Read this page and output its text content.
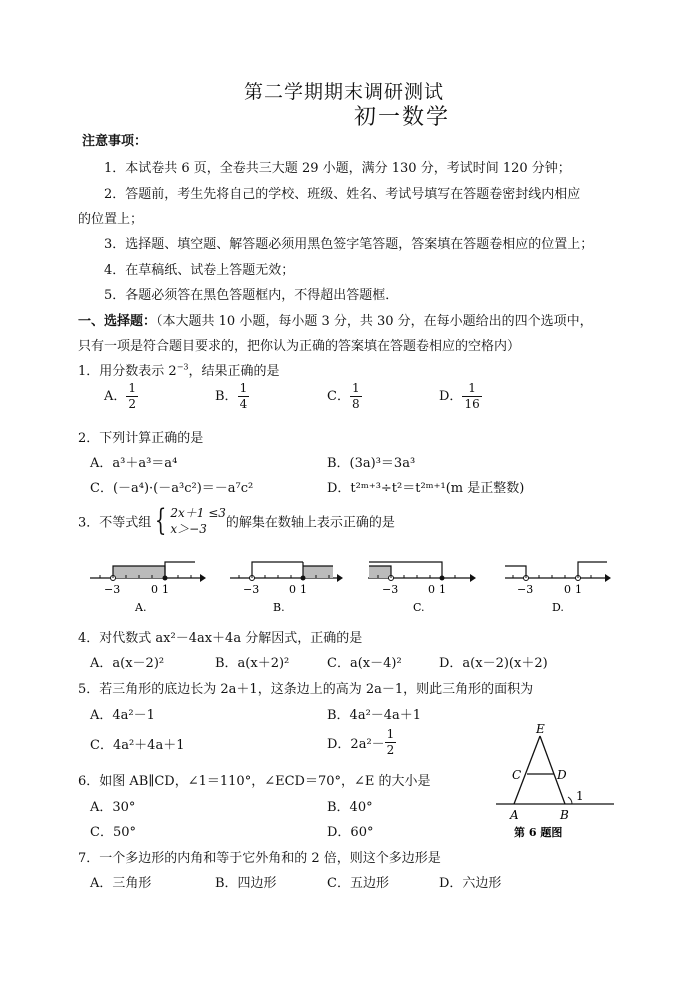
第二学期期末调研测试
初一数学
注意事项：
1．本试卷共 6 页，全卷共三大题 29 小题，满分 130 分，考试时间 120 分钟；
2．答题前，考生先将自己的学校、班级、姓名、考试号填写在答题卷密封线内相应
的位置上；
3．选择题、填空题、解答题必须用黑色签字笔答题，答案填在答题卷相应的位置上；
4．在草稿纸、试卷上答题无效；
5．各题必须答在黑色答题框内，不得超出答题框．
一、选择题：（本大题共 10 小题，每小题 3 分，共 30 分，在每小题给出的四个选项中，
只有一项是符合题目要求的，把你认为正确的答案填在答题卷相应的空格内）
1．用分数表示 $2^{-3}$，结果正确的是
A． $\frac{1}{2}$	B． $\frac{1}{4}$	C． $\frac{1}{8}$	D． $\frac{1}{16}$
2．下列计算正确的是
A．a³＋a³＝a⁴	B．(3a)³＝3a³
C．(－a⁴)·(－a³c²)＝－a⁷c²	D．t²ᵐ⁺³÷t²＝t²ᵐ⁺¹(m 是正整数)
3．不等式组 { 2x＋1 ≤3
x＞−3	的解集在数轴上表示正确的是
−3	0 1
A.
−3	0 1
B.
−3	0 1
C.
−3	0 1
D.
4．对代数式 ax²－4ax＋4a 分解因式，正确的是
A．a(x－2)²	B．a(x＋2)²	C．a(x－4)²	D．a(x－2)(x＋2)
5．若三角形的底边长为 2a＋1，这条边上的高为 2a－1，则此三角形的面积为
A．4a²－1	B．4a²－4a＋1
C．4a²＋4a＋1	D．$2a^2- \frac{1}{2}$
6．如图 AB∥CD，∠1＝110°，∠ECD＝70°，∠E 的大小是
A．30°	B．40°
C．50°	D．60°
E
C	D
A	B
1
第 6 题图
7．一个多边形的内角和等于它外角和的 2 倍，则这个多边形是
A．三角形	B．四边形	C．五边形	D．六边形
